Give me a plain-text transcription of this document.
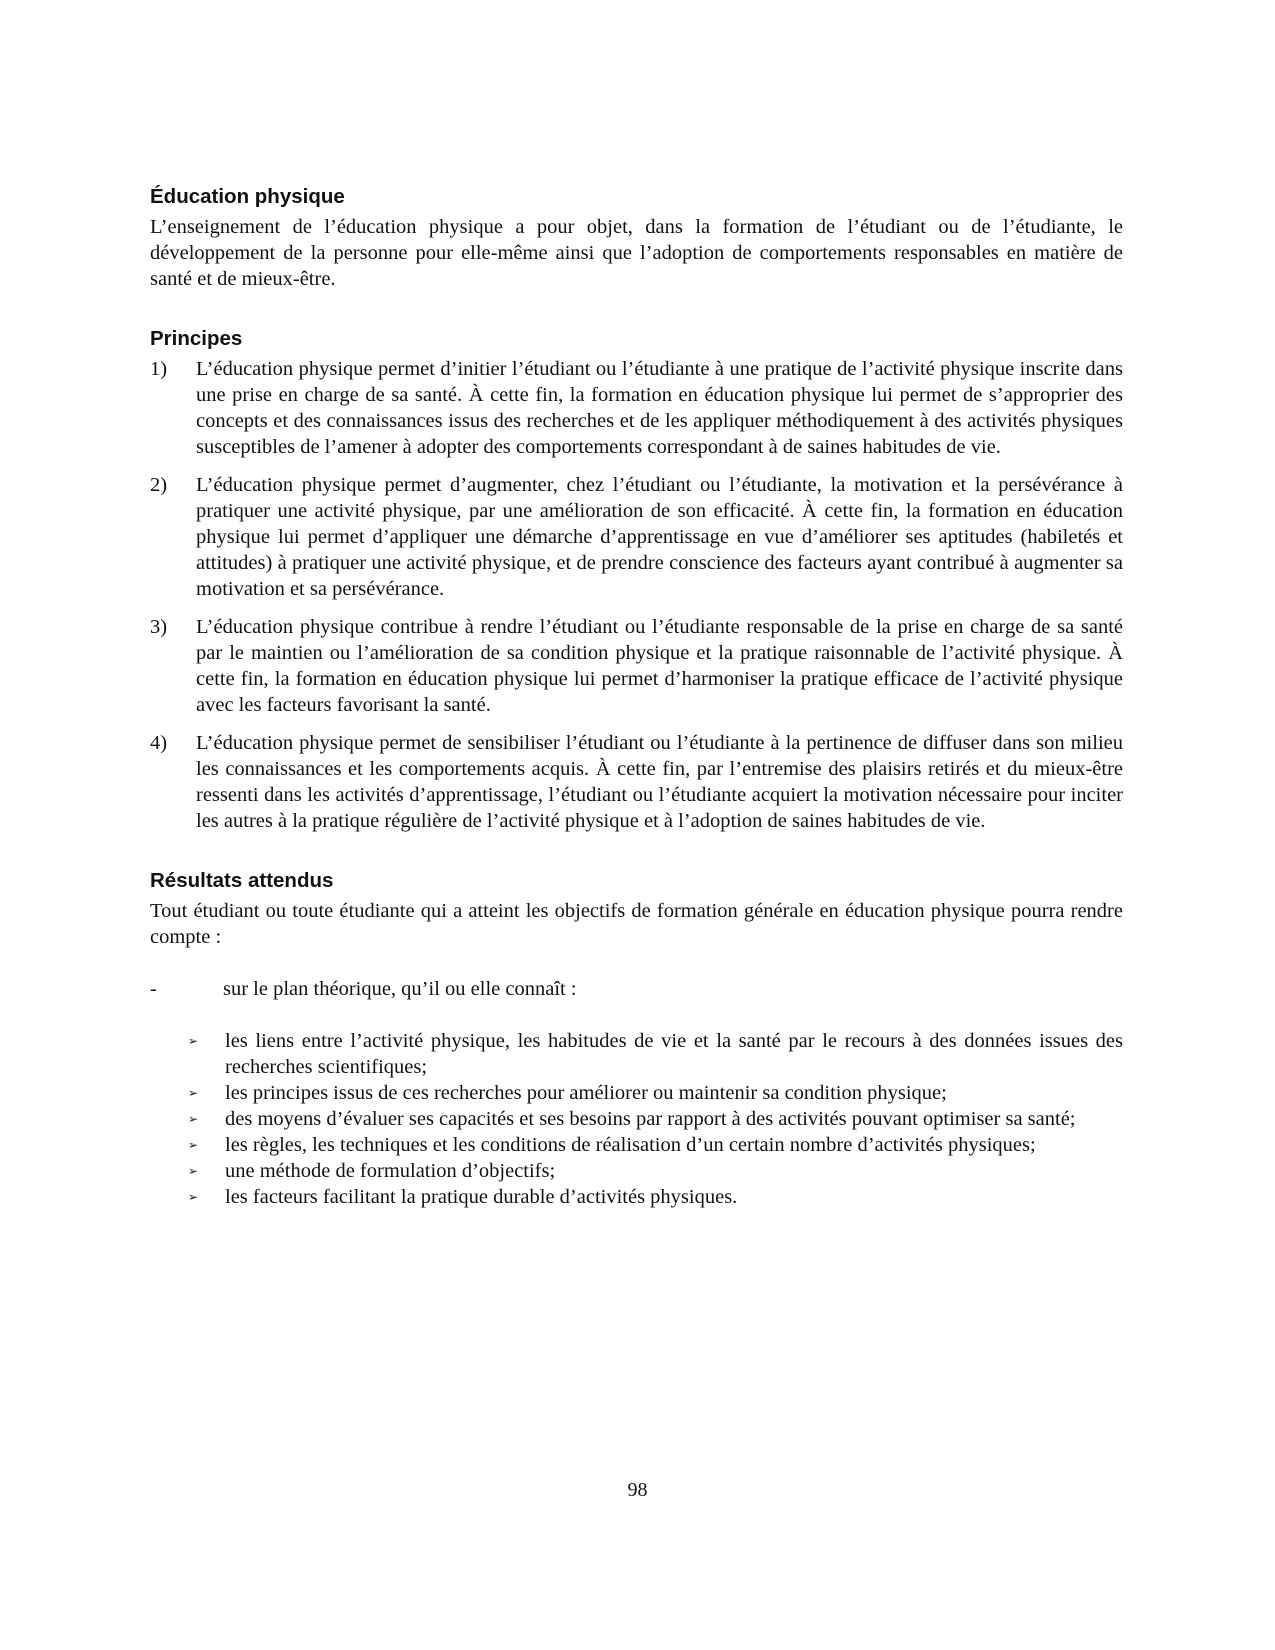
Éducation physique

L’enseignement de l’éducation physique a pour objet, dans la formation de l’étudiant ou de l’étudiante, le développement de la personne pour elle-même ainsi que l’adoption de comportements responsables en matière de santé et de mieux-être.

Principes
1) L’éducation physique permet d’initier l’étudiant ou l’étudiante à une pratique de l’activité physique inscrite dans une prise en charge de sa santé. À cette fin, la formation en éducation physique lui permet de s’approprier des concepts et des connaissances issus des recherches et de les appliquer méthodiquement à des activités physiques susceptibles de l’amener à adopter des comportements correspondant à de saines habitudes de vie.
2) L’éducation physique permet d’augmenter, chez l’étudiant ou l’étudiante, la motivation et la persévérance à pratiquer une activité physique, par une amélioration de son efficacité. À cette fin, la formation en éducation physique lui permet d’appliquer une démarche d’apprentissage en vue d’améliorer ses aptitudes (habiletés et attitudes) à pratiquer une activité physique, et de prendre conscience des facteurs ayant contribué à augmenter sa motivation et sa persévérance.
3) L’éducation physique contribue à rendre l’étudiant ou l’étudiante responsable de la prise en charge de sa santé par le maintien ou l’amélioration de sa condition physique et la pratique raisonnable de l’activité physique. À cette fin, la formation en éducation physique lui permet d’harmoniser la pratique efficace de l’activité physique avec les facteurs favorisant la santé.
4) L’éducation physique permet de sensibiliser l’étudiant ou l’étudiante à la pertinence de diffuser dans son milieu les connaissances et les comportements acquis. À cette fin, par l’entremise des plaisirs retirés et du mieux-être ressenti dans les activités d’apprentissage, l’étudiant ou l’étudiante acquiert la motivation nécessaire pour inciter les autres à la pratique régulière de l’activité physique et à l’adoption de saines habitudes de vie.
Résultats attendus

Tout étudiant ou toute étudiante qui a atteint les objectifs de formation générale en éducation physique pourra rendre compte :

-	sur le plan théorique, qu’il ou elle connaît :
➢ les liens entre l’activité physique, les habitudes de vie et la santé par le recours à des données issues des recherches scientifiques;
➢ les principes issus de ces recherches pour améliorer ou maintenir sa condition physique;
➢ des moyens d’évaluer ses capacités et ses besoins par rapport à des activités pouvant optimiser sa santé;
➢ les règles, les techniques et les conditions de réalisation d’un certain nombre d’activités physiques;
➢ une méthode de formulation d’objectifs;
➢ les facteurs facilitant la pratique durable d’activités physiques.
98
